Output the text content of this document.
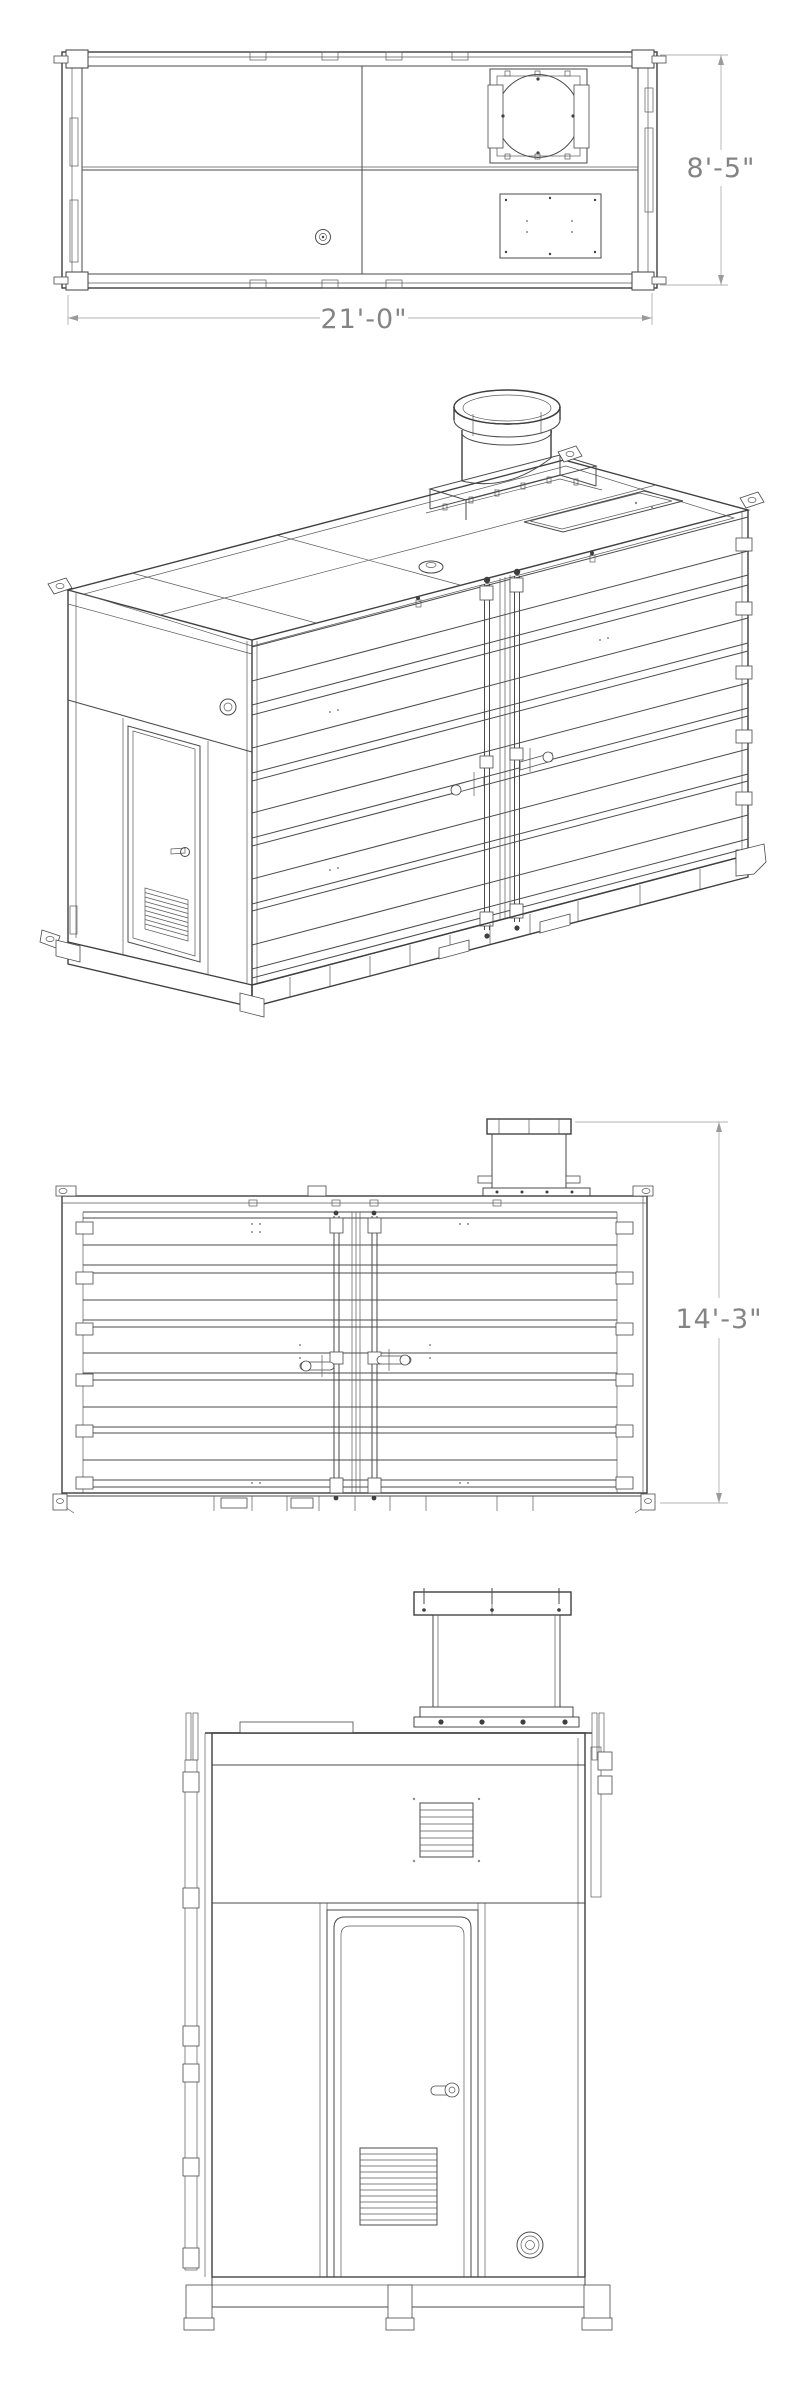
8'-5"
21'-0"
14'-3"
